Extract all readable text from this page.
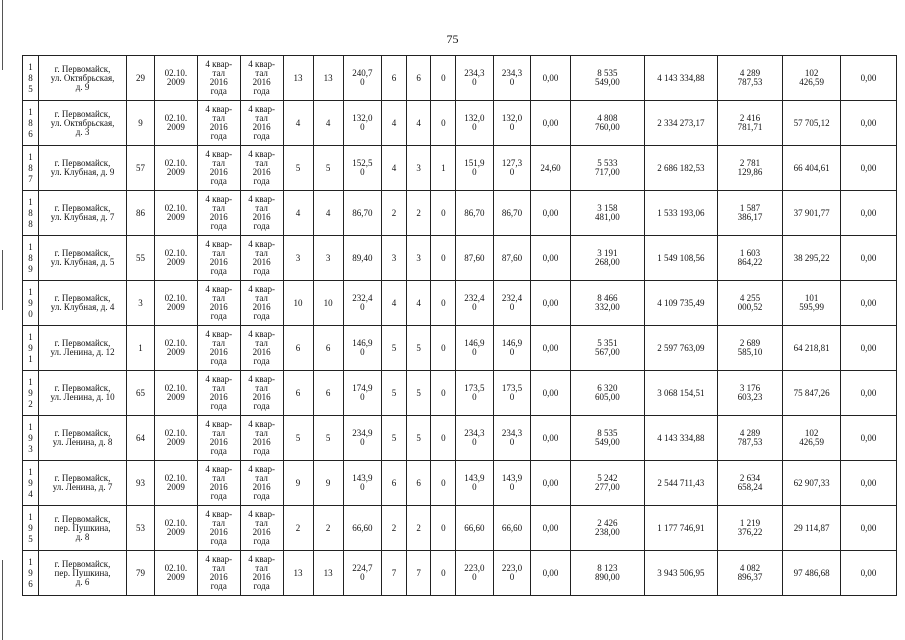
75
185	г. Первомайск,
ул. Октябрьская,
д. 9	29	02.10.
2009	4 квар-
тал
2016
года	4 квар-
тал
2016
года	13	13	240,7
0	6	6	0	234,3
0	234,3
0	0,00	8 535
549,00	4 143 334,88	4 289
787,53	102
426,59	0,00

186	г. Первомайск,
ул. Октябрьская,
д. 3	9	02.10.
2009	4 квар-
тал
2016
года	4 квар-
тал
2016
года	4	4	132,0
0	4	4	0	132,0
0	132,0
0	0,00	4 808
760,00	2 334 273,17	2 416
781,71	57 705,12	0,00

187	г. Первомайск,
ул. Клубная, д. 9	57	02.10.
2009	4 квар-
тал
2016
года	4 квар-
тал
2016
года	5	5	152,5
0	4	3	1	151,9
0	127,3
0	24,60	5 533
717,00	2 686 182,53	2 781
129,86	66 404,61	0,00

188	г. Первомайск,
ул. Клубная, д. 7	86	02.10.
2009	4 квар-
тал
2016
года	4 квар-
тал
2016
года	4	4	86,70	2	2	0	86,70	86,70	0,00	3 158
481,00	1 533 193,06	1 587
386,17	37 901,77	0,00

189	г. Первомайск,
ул. Клубная, д. 5	55	02.10.
2009	4 квар-
тал
2016
года	4 квар-
тал
2016
года	3	3	89,40	3	3	0	87,60	87,60	0,00	3 191
268,00	1 549 108,56	1 603
864,22	38 295,22	0,00

190	г. Первомайск,
ул. Клубная, д. 4	3	02.10.
2009	4 квар-
тал
2016
года	4 квар-
тал
2016
года	10	10	232,4
0	4	4	0	232,4
0	232,4
0	0,00	8 466
332,00	4 109 735,49	4 255
000,52	101
595,99	0,00

191	г. Первомайск,
ул. Ленина, д. 12	1	02.10.
2009	4 квар-
тал
2016
года	4 квар-
тал
2016
года	6	6	146,9
0	5	5	0	146,9
0	146,9
0	0,00	5 351
567,00	2 597 763,09	2 689
585,10	64 218,81	0,00

192	г. Первомайск,
ул. Ленина, д. 10	65	02.10.
2009	4 квар-
тал
2016
года	4 квар-
тал
2016
года	6	6	174,9
0	5	5	0	173,5
0	173,5
0	0,00	6 320
605,00	3 068 154,51	3 176
603,23	75 847,26	0,00

193	г. Первомайск,
ул. Ленина, д. 8	64	02.10.
2009	4 квар-
тал
2016
года	4 квар-
тал
2016
года	5	5	234,9
0	5	5	0	234,3
0	234,3
0	0,00	8 535
549,00	4 143 334,88	4 289
787,53	102
426,59	0,00

194	г. Первомайск,
ул. Ленина, д. 7	93	02.10.
2009	4 квар-
тал
2016
года	4 квар-
тал
2016
года	9	9	143,9
0	6	6	0	143,9
0	143,9
0	0,00	5 242
277,00	2 544 711,43	2 634
658,24	62 907,33	0,00

195	г. Первомайск,
пер. Пушкина,
д. 8	53	02.10.
2009	4 квар-
тал
2016
года	4 квар-
тал
2016
года	2	2	66,60	2	2	0	66,60	66,60	0,00	2 426
238,00	1 177 746,91	1 219
376,22	29 114,87	0,00

196	г. Первомайск,
пер. Пушкина,
д. 6	79	02.10.
2009	4 квар-
тал
2016
года	4 квар-
тал
2016
года	13	13	224,7
0	7	7	0	223,0
0	223,0
0	0,00	8 123
890,00	3 943 506,95	4 082
896,37	97 486,68	0,00
